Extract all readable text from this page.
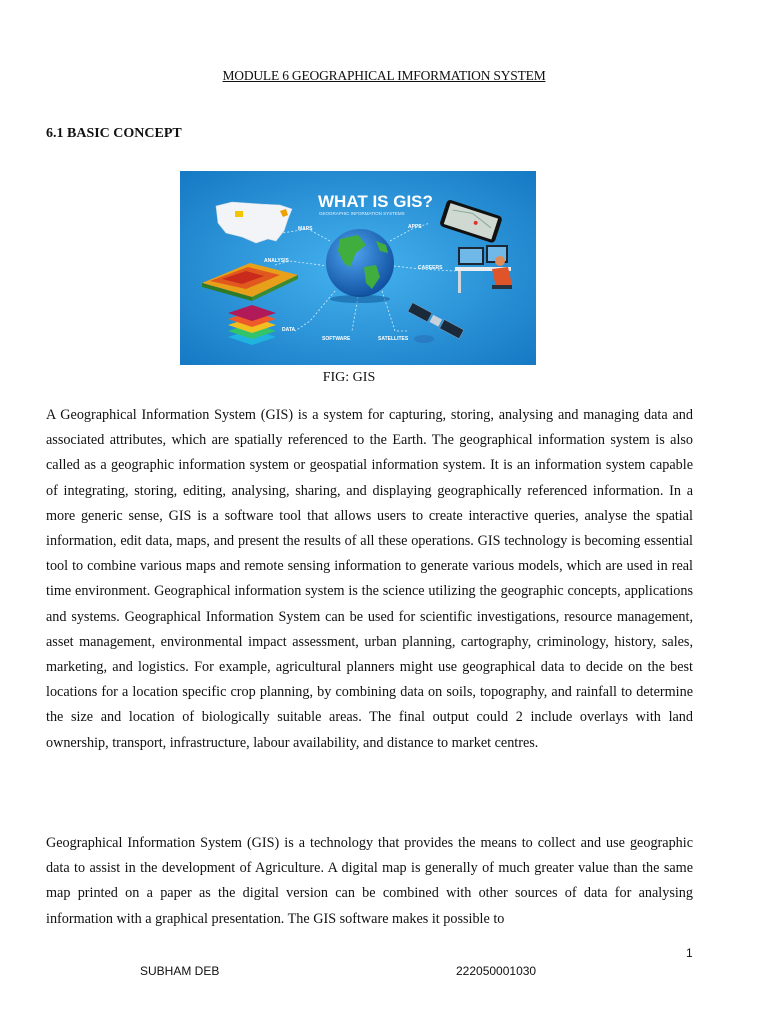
MODULE 6 GEOGRAPHICAL IMFORMATION SYSTEM
6.1 BASIC CONCEPT
WHAT IS GIS?
GEOGRAPHIC INFORMATION SYSTEMS
MAPS	APPS
ANALYSIS
CAREERS
DATA
SOFTWARE	SATELLITES
FIG: GIS

A Geographical Information System (GIS) is a system for capturing, storing, analysing and managing data and associated attributes, which are spatially referenced to the Earth. The geographical information system is also called as a geographic information system or geospatial information system. It is an information system capable of integrating, storing, editing, analysing, sharing, and displaying geographically referenced information. In a more generic sense, GIS is a software tool that allows users to create interactive queries, analyse the spatial information, edit data, maps, and present the results of all these operations. GIS technology is becoming essential tool to combine various maps and remote sensing information to generate various models, which are used in real time environment. Geographical information system is the science utilizing the geographic concepts, applications and systems. Geographical Information System can be used for scientific investigations, resource management, asset management, environmental impact assessment, urban planning, cartography, criminology, history, sales, marketing, and logistics. For example, agricultural planners might use geographical data to decide on the best locations for a location specific crop planning, by combining data on soils, topography, and rainfall to determine the size and location of biologically suitable areas. The final output could 2 include overlays with land ownership, transport, infrastructure, labour availability, and distance to market centres.

Geographical Information System (GIS) is a technology that provides the means to collect and use geographic data to assist in the development of Agriculture. A digital map is generally of much greater value than the same map printed on a paper as the digital version can be combined with other sources of data for analysing information with a graphical presentation. The GIS software makes it possible to

1
SUBHAM DEB	222050001030
